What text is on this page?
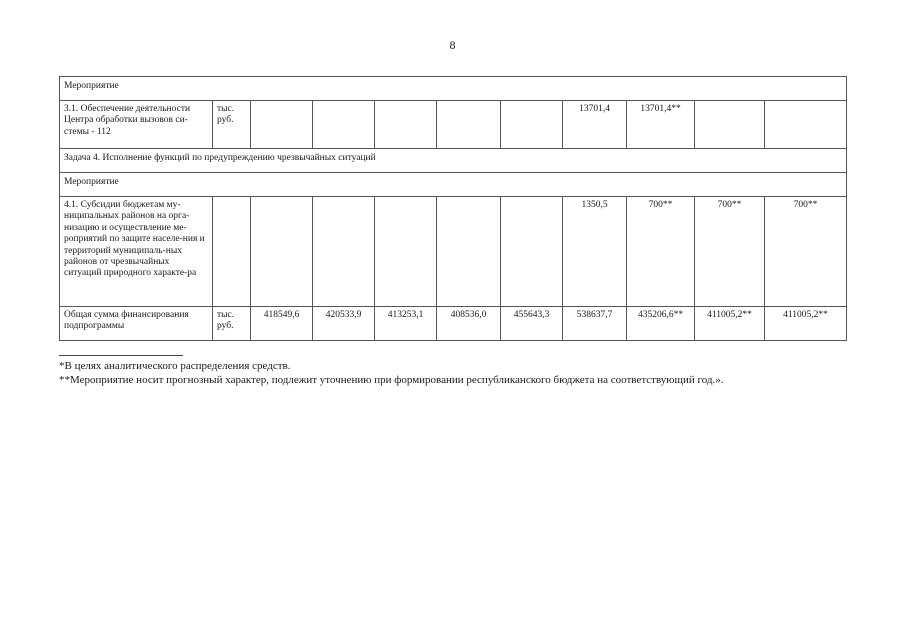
8
Мероприятие										
3.1. Обеспечение деятельности Центра обработки вызовов си-стемы - 112	тыс. руб.						13701,4	13701,4**		
Задача 4. Исполнение функций по предупреждению чрезвычайных ситуаций										
Мероприятие										
4.1. Субсидии бюджетам му-ниципальных районов на орга-низацию и осуществление ме-роприятий по защите населе-ния и территорий муниципаль-ных районов от чрезвычайных ситуаций природного характе-ра							1350,5	700**	700**	700**
Общая сумма финансирования подпрограммы	тыс. руб.	418549,6	420533,9	413253,1	408536,0	455643,3	538637,7	435206,6**	411005,2**	411005,2**

*В целях аналитического распределения средств.

**Мероприятие носит прогнозный характер, подлежит уточнению при формировании республиканского бюджета на соответствующий год.».
